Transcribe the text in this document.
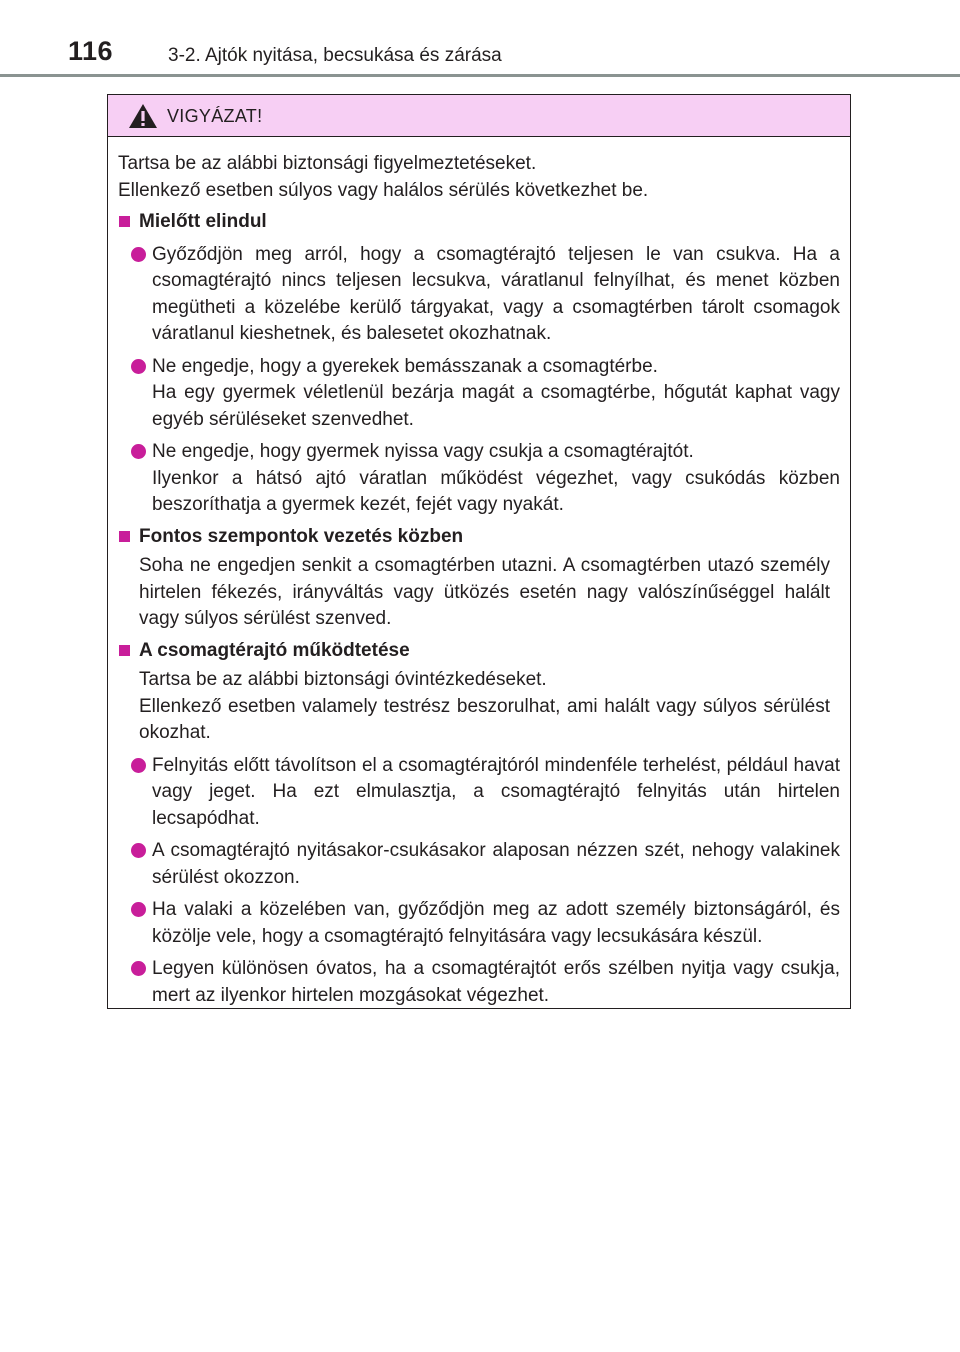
116	3-2. Ajtók nyitása, becsukása és zárása
VIGYÁZAT!

Tartsa be az alábbi biztonsági figyelmeztetéseket.

Ellenkező esetben súlyos vagy halálos sérülés következhet be.

Mielőtt elindul

Győződjön meg arról, hogy a csomagtérajtó teljesen le van csukva. Ha a csomagtérajtó nincs teljesen lecsukva, váratlanul felnyílhat, és menet közben megütheti a közelébe kerülő tárgyakat, vagy a csomagtérben tárolt csomagok váratlanul kieshetnek, és balesetet okozhatnak.

Ne engedje, hogy a gyerekek bemásszanak a csomagtérbe.

Ha egy gyermek véletlenül bezárja magát a csomagtérbe, hőgutát kaphat vagy egyéb sérüléseket szenvedhet.

Ne engedje, hogy gyermek nyissa vagy csukja a csomagtérajtót.

Ilyenkor a hátsó ajtó váratlan működést végezhet, vagy csukódás közben beszoríthatja a gyermek kezét, fejét vagy nyakát.

Fontos szempontok vezetés közben

Soha ne engedjen senkit a csomagtérben utazni. A csomagtérben utazó személy hirtelen fékezés, irányváltás vagy ütközés esetén nagy valószínűséggel halált vagy súlyos sérülést szenved.

A csomagtérajtó működtetése

Tartsa be az alábbi biztonsági óvintézkedéseket.

Ellenkező esetben valamely testrész beszorulhat, ami halált vagy súlyos sérülést okozhat.

Felnyitás előtt távolítson el a csomagtérajtóról mindenféle terhelést, például havat vagy jeget. Ha ezt elmulasztja, a csomagtérajtó felnyitás után hirtelen lecsapódhat.

A csomagtérajtó nyitásakor-csukásakor alaposan nézzen szét, nehogy valakinek sérülést okozzon.

Ha valaki a közelében van, győződjön meg az adott személy biztonságáról, és közölje vele, hogy a csomagtérajtó felnyitására vagy lecsukására készül.

Legyen különösen óvatos, ha a csomagtérajtót erős szélben nyitja vagy csukja, mert az ilyenkor hirtelen mozgásokat végezhet.
